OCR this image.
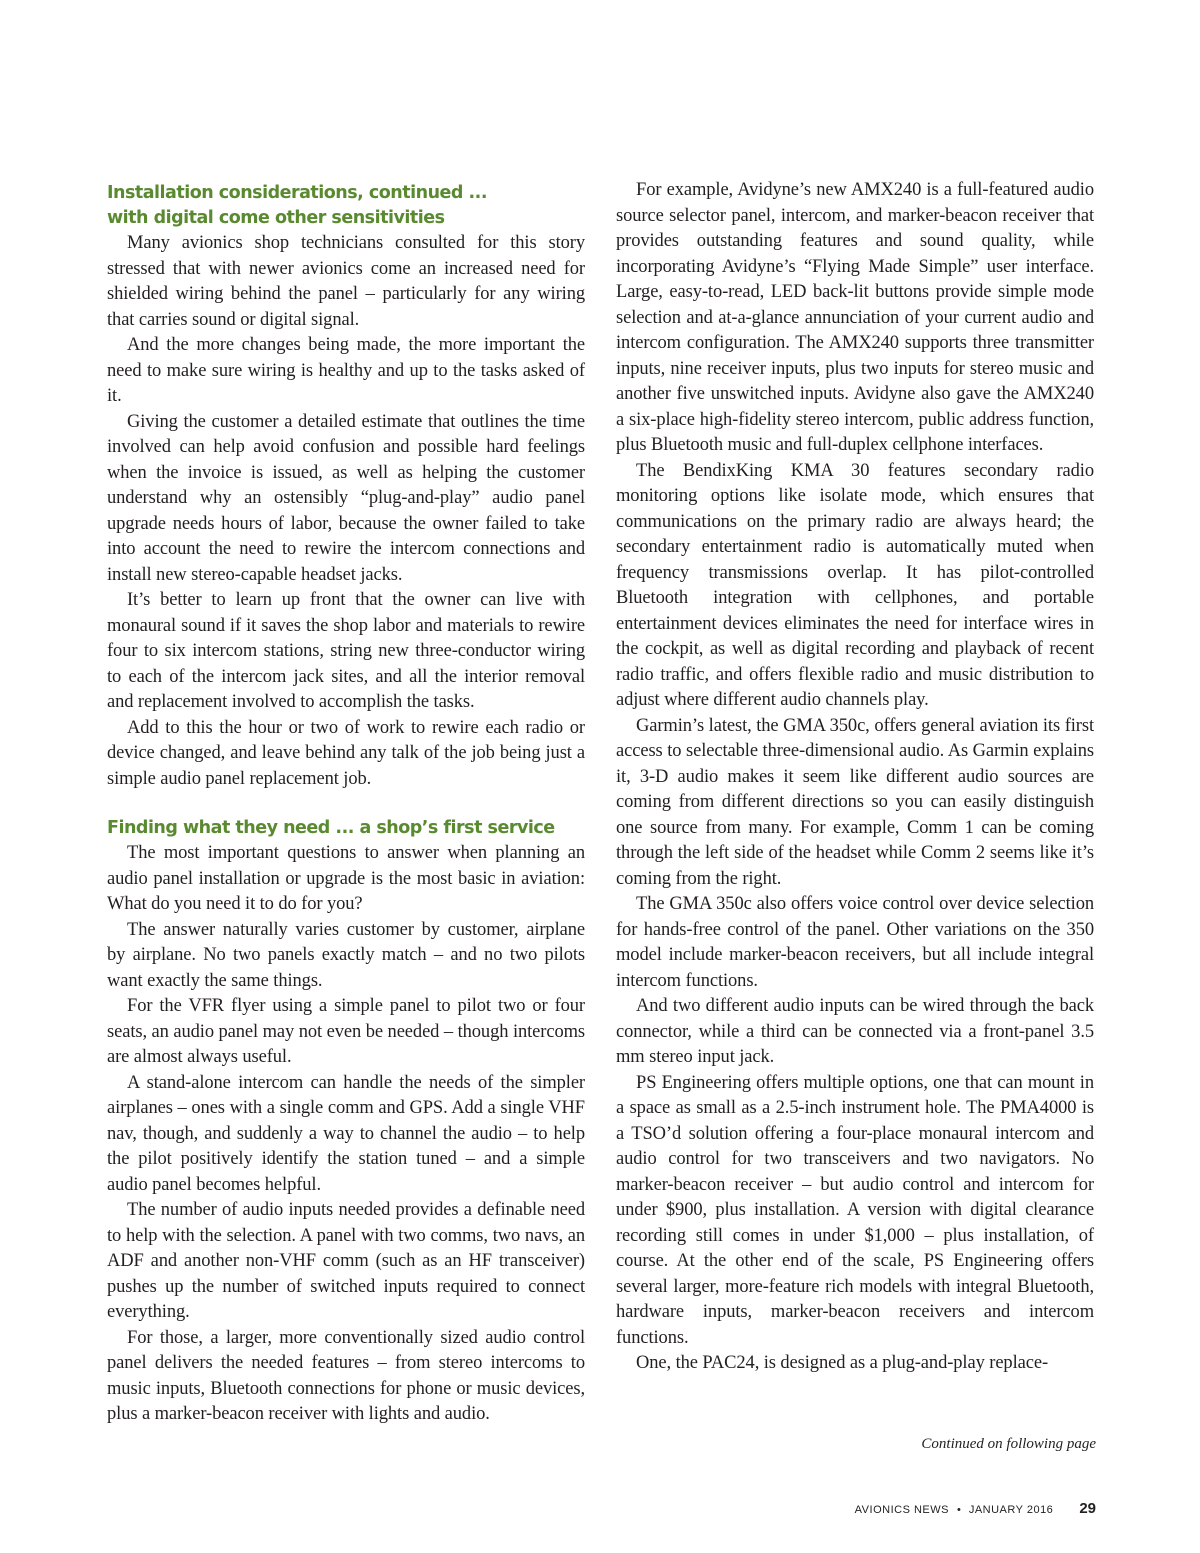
Installation considerations, continued ...
with digital come other sensitivities

Many avionics shop technicians consulted for this story stressed that with newer avionics come an increased need for shielded wiring behind the panel – particularly for any wiring that carries sound or digital signal.

And the more changes being made, the more important the need to make sure wiring is healthy and up to the tasks asked of it.

Giving the customer a detailed estimate that outlines the time involved can help avoid confusion and possible hard feelings when the invoice is issued, as well as helping the customer understand why an ostensibly “plug-and-play” audio panel upgrade needs hours of labor, because the owner failed to take into account the need to rewire the intercom connections and install new stereo-capable headset jacks.

It’s better to learn up front that the owner can live with monaural sound if it saves the shop labor and materials to rewire four to six intercom stations, string new three-conductor wiring to each of the intercom jack sites, and all the interior removal and replacement involved to accomplish the tasks.

Add to this the hour or two of work to rewire each radio or device changed, and leave behind any talk of the job being just a simple audio panel replacement job.

Finding what they need ... a shop’s first service

The most important questions to answer when planning an audio panel installation or upgrade is the most basic in aviation: What do you need it to do for you?

The answer naturally varies customer by customer, airplane by airplane. No two panels exactly match – and no two pilots want exactly the same things.

For the VFR flyer using a simple panel to pilot two or four seats, an audio panel may not even be needed – though intercoms are almost always useful.

A stand-alone intercom can handle the needs of the simpler airplanes – ones with a single comm and GPS. Add a single VHF nav, though, and suddenly a way to channel the audio – to help the pilot positively identify the station tuned – and a simple audio panel becomes helpful.

The number of audio inputs needed provides a definable need to help with the selection. A panel with two comms, two navs, an ADF and another non-VHF comm (such as an HF transceiver) pushes up the number of switched inputs required to connect everything.

For those, a larger, more conventionally sized audio control panel delivers the needed features – from stereo intercoms to music inputs, Bluetooth connections for phone or music devices, plus a marker-beacon receiver with lights and audio.

For example, Avidyne’s new AMX240 is a full-featured audio source selector panel, intercom, and marker-beacon receiver that provides outstanding features and sound quality, while incorporating Avidyne’s “Flying Made Simple” user interface. Large, easy-to-read, LED back-lit buttons provide simple mode selection and at-a-glance annunciation of your current audio and intercom configuration. The AMX240 supports three transmitter inputs, nine receiver inputs, plus two inputs for stereo music and another five unswitched inputs. Avidyne also gave the AMX240 a six-place high-fidelity stereo intercom, public address function, plus Bluetooth music and full-duplex cellphone interfaces.

The BendixKing KMA 30 features secondary radio monitoring options like isolate mode, which ensures that communications on the primary radio are always heard; the secondary entertainment radio is automatically muted when frequency transmissions overlap. It has pilot-controlled Bluetooth integration with cellphones, and portable entertainment devices eliminates the need for interface wires in the cockpit, as well as digital recording and playback of recent radio traffic, and offers flexible radio and music distribution to adjust where different audio channels play.

Garmin’s latest, the GMA 350c, offers general aviation its first access to selectable three-dimensional audio. As Garmin explains it, 3-D audio makes it seem like different audio sources are coming from different directions so you can easily distinguish one source from many. For example, Comm 1 can be coming through the left side of the headset while Comm 2 seems like it’s coming from the right.

The GMA 350c also offers voice control over device selection for hands-free control of the panel. Other variations on the 350 model include marker-beacon receivers, but all include integral intercom functions.

And two different audio inputs can be wired through the back connector, while a third can be connected via a front-panel 3.5 mm stereo input jack.

PS Engineering offers multiple options, one that can mount in a space as small as a 2.5-inch instrument hole. The PMA4000 is a TSO’d solution offering a four-place monaural intercom and audio control for two transceivers and two navigators. No marker-beacon receiver – but audio control and intercom for under $900, plus installation. A version with digital clearance recording still comes in under $1,000 – plus installation, of course. At the other end of the scale, PS Engineering offers several larger, more-feature rich models with integral Bluetooth, hardware inputs, marker-beacon receivers and intercom functions.

One, the PAC24, is designed as a plug-and-play replace-

Continued on following page
AVIONICS NEWS • JANUARY 2016 29
